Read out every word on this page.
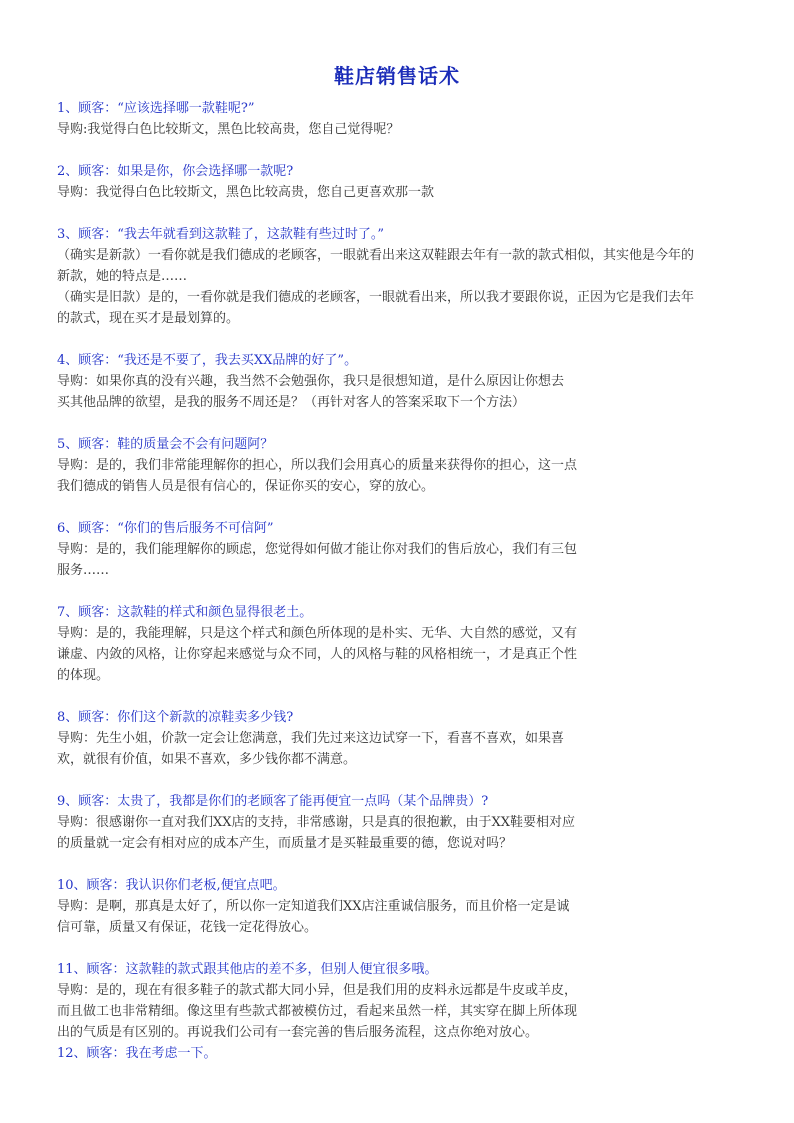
鞋店销售话术
1、顾客：“应该选择哪一款鞋呢?”
导购:我觉得白色比较斯文，黑色比较高贵，您自己觉得呢？
2、顾客：如果是你，你会选择哪一款呢?
导购：我觉得白色比较斯文，黑色比较高贵，您自己更喜欢那一款
3、顾客：“我去年就看到这款鞋了，这款鞋有些过时了。”
（确实是新款）一看你就是我们德成的老顾客，一眼就看出来这双鞋跟去年有一款的款式相似，其实他是今年的
新款，她的特点是……
（确实是旧款）是的，一看你就是我们德成的老顾客，一眼就看出来，所以我才要跟你说，正因为它是我们去年
的款式，现在买才是最划算的。
4、顾客：“我还是不要了，我去买XX品牌的好了”。
导购：如果你真的没有兴趣，我当然不会勉强你，我只是很想知道，是什么原因让你想去
买其他品牌的欲望，是我的服务不周还是？（再针对客人的答案采取下一个方法）
5、顾客：鞋的质量会不会有问题阿？
导购：是的，我们非常能理解你的担心，所以我们会用真心的质量来获得你的担心，这一点
我们德成的销售人员是很有信心的，保证你买的安心，穿的放心。
6、顾客：“你们的售后服务不可信阿”
导购：是的，我们能理解你的顾虑，您觉得如何做才能让你对我们的售后放心，我们有三包
服务……
7、顾客：这款鞋的样式和颜色显得很老土。
导购：是的，我能理解，只是这个样式和颜色所体现的是朴实、无华、大自然的感觉，又有
谦虚、内敛的风格，让你穿起来感觉与众不同，人的风格与鞋的风格相统一，才是真正个性
的体现。
8、顾客：你们这个新款的凉鞋卖多少钱?
导购：先生小姐，价款一定会让您满意，我们先过来这边试穿一下，看喜不喜欢，如果喜
欢，就很有价值，如果不喜欢，多少钱你都不满意。
9、顾客：太贵了，我都是你们的老顾客了能再便宜一点吗（某个品牌贵）?
导购：很感谢你一直对我们XX店的支持，非常感谢，只是真的很抱歉，由于XX鞋要相对应
的质量就一定会有相对应的成本产生，而质量才是买鞋最重要的德，您说对吗？
10、顾客：我认识你们老板,便宜点吧。
导购：是啊，那真是太好了，所以你一定知道我们XX店注重诚信服务，而且价格一定是诚
信可靠，质量又有保证，花钱一定花得放心。
11、顾客：这款鞋的款式跟其他店的差不多，但别人便宜很多哦。
导购：是的，现在有很多鞋子的款式都大同小异，但是我们用的皮料永远都是牛皮或羊皮，
而且做工也非常精细。像这里有些款式都被模仿过，看起来虽然一样，其实穿在脚上所体现
出的气质是有区别的。再说我们公司有一套完善的售后服务流程，这点你绝对放心。
12、顾客：我在考虑一下。
